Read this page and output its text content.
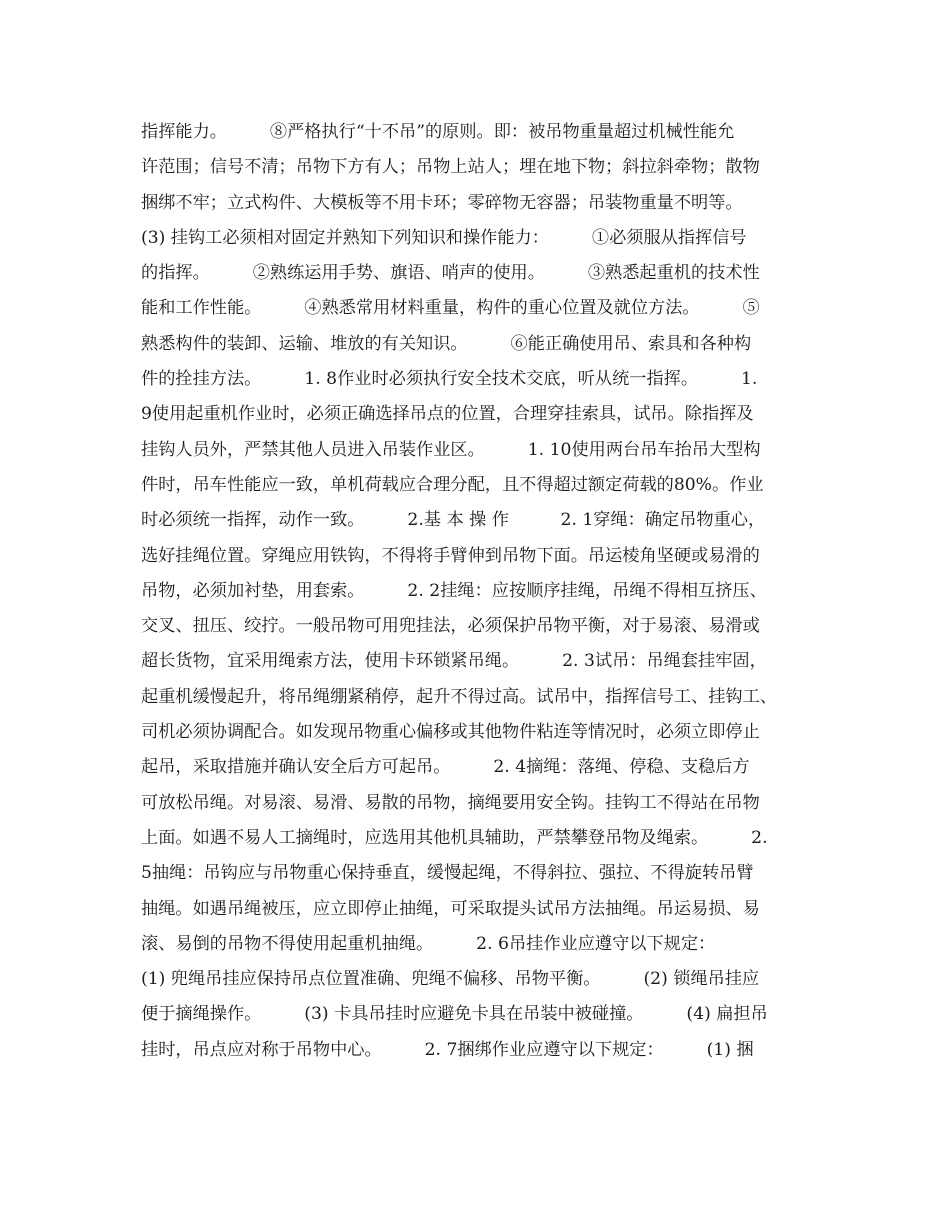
指挥能力。　　　⑧严格执行“十不吊”的原则。即：被吊物重量超过机械性能允
许范围；信号不清；吊物下方有人；吊物上站人；埋在地下物；斜拉斜牵物；散物
捆绑不牢；立式构件、大模板等不用卡环；零碎物无容器；吊装物重量不明等。
(3) 挂钩工必须相对固定并熟知下列知识和操作能力：　　　①必须服从指挥信号
的指挥。　　　②熟练运用手势、旗语、哨声的使用。　　　③熟悉起重机的技术性
能和工作性能。　　　④熟悉常用材料重量，构件的重心位置及就位方法。　　　⑤
熟悉构件的装卸、运输、堆放的有关知识。　　　⑥能正确使用吊、索具和各种构
件的拴挂方法。　　　1. 8作业时必须执行安全技术交底，听从统一指挥。　　　1.
9使用起重机作业时，必须正确选择吊点的位置，合理穿挂索具，试吊。除指挥及
挂钩人员外，严禁其他人员进入吊装作业区。　　　1. 10使用两台吊车抬吊大型构
件时，吊车性能应一致，单机荷载应合理分配，且不得超过额定荷载的80%。作业
时必须统一指挥，动作一致。　　　2.基 本 操 作　　　2. 1穿绳：确定吊物重心，
选好挂绳位置。穿绳应用铁钩，不得将手臂伸到吊物下面。吊运棱角坚硬或易滑的
吊物，必须加衬垫，用套索。　　　2. 2挂绳：应按顺序挂绳，吊绳不得相互挤压、
交叉、扭压、绞拧。一般吊物可用兜挂法，必须保护吊物平衡，对于易滚、易滑或
超长货物，宜采用绳索方法，使用卡环锁紧吊绳。　　　2. 3试吊：吊绳套挂牢固，
起重机缓慢起升，将吊绳绷紧稍停，起升不得过高。试吊中，指挥信号工、挂钩工、
司机必须协调配合。如发现吊物重心偏移或其他物件粘连等情况时，必须立即停止
起吊，采取措施并确认安全后方可起吊。　　　2. 4摘绳：落绳、停稳、支稳后方
可放松吊绳。对易滚、易滑、易散的吊物，摘绳要用安全钩。挂钩工不得站在吊物
上面。如遇不易人工摘绳时，应选用其他机具辅助，严禁攀登吊物及绳索。　　　2.
5抽绳：吊钩应与吊物重心保持垂直，缓慢起绳，不得斜拉、强拉、不得旋转吊臂
抽绳。如遇吊绳被压，应立即停止抽绳，可采取提头试吊方法抽绳。吊运易损、易
滚、易倒的吊物不得使用起重机抽绳。　　　2. 6吊挂作业应遵守以下规定：
(1) 兜绳吊挂应保持吊点位置准确、兜绳不偏移、吊物平衡。　　　(2) 锁绳吊挂应
便于摘绳操作。　　　(3) 卡具吊挂时应避免卡具在吊装中被碰撞。　　　(4) 扁担吊
挂时，吊点应对称于吊物中心。　　　2. 7捆绑作业应遵守以下规定：　　　(1) 捆
